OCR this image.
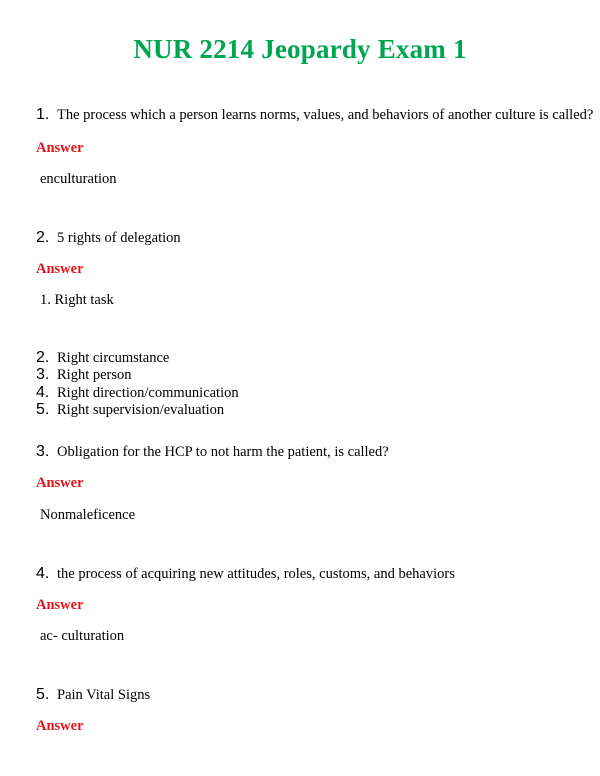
NUR 2214 Jeopardy Exam 1
1. The process which a person learns norms, values, and behaviors of another culture is called?
Answer
enculturation
2. 5 rights of delegation
Answer
1. Right task
2. Right circumstance
3. Right person
4. Right direction/communication
5. Right supervision/evaluation
3. Obligation for the HCP to not harm the patient, is called?
Answer
Nonmaleficence
4. the process of acquiring new attitudes, roles, customs, and behaviors
Answer
ac- culturation
5. Pain Vital Signs
Answer
